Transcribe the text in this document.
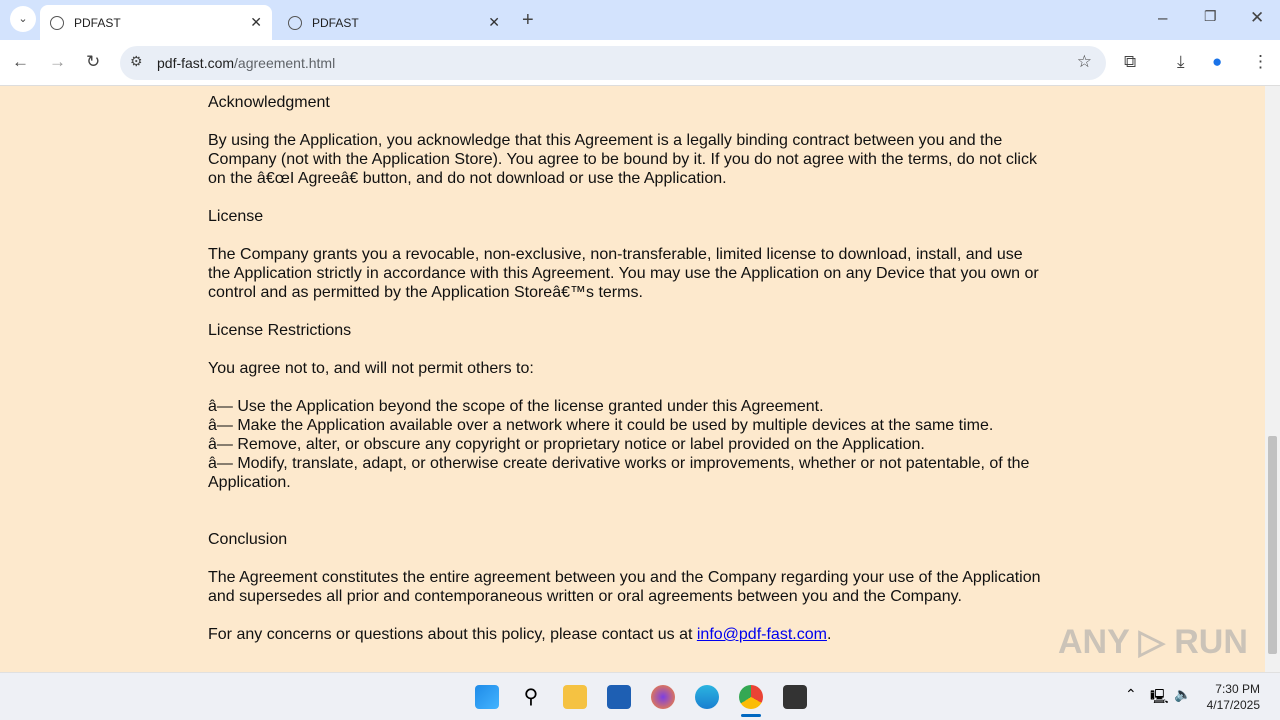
⌄	PDFAST	✕	PDFAST	✕ +	–	❐ ✕
← → ↻ ⚙ pdf-fast.com/agreement.html	☆ ⧉ ⤓ ● ⋮

Acknowledgment

By using the Application, you acknowledge that this Agreement is a legally binding contract between you and the Company (not with the Application Store). You agree to be bound by it. If you do not agree with the terms, do not click on the â€œI Agreeâ€ button, and do not download or use the Application.

License

The Company grants you a revocable, non-exclusive, non-transferable, limited license to download, install, and use the Application strictly in accordance with this Agreement. You may use the Application on any Device that you own or control and as permitted by the Application Storeâ€™s terms.

License Restrictions

You agree not to, and will not permit others to:

â— Use the Application beyond the scope of the license granted under this Agreement.
â— Make the Application available over a network where it could be used by multiple devices at the same time.
â— Remove, alter, or obscure any copyright or proprietary notice or label provided on the Application.
â— Modify, translate, adapt, or otherwise create derivative works or improvements, whether or not patentable, of the Application.

Conclusion

The Agreement constitutes the entire agreement between you and the Company regarding your use of the Application and supersedes all prior and contemporaneous written or oral agreements between you and the Company.

For any concerns or questions about this policy, please contact us at info@pdf-fast.com.	ANY ▷ RUN
⚲	⌃ 🖳 🔈	7:30 PM
4/17/2025
